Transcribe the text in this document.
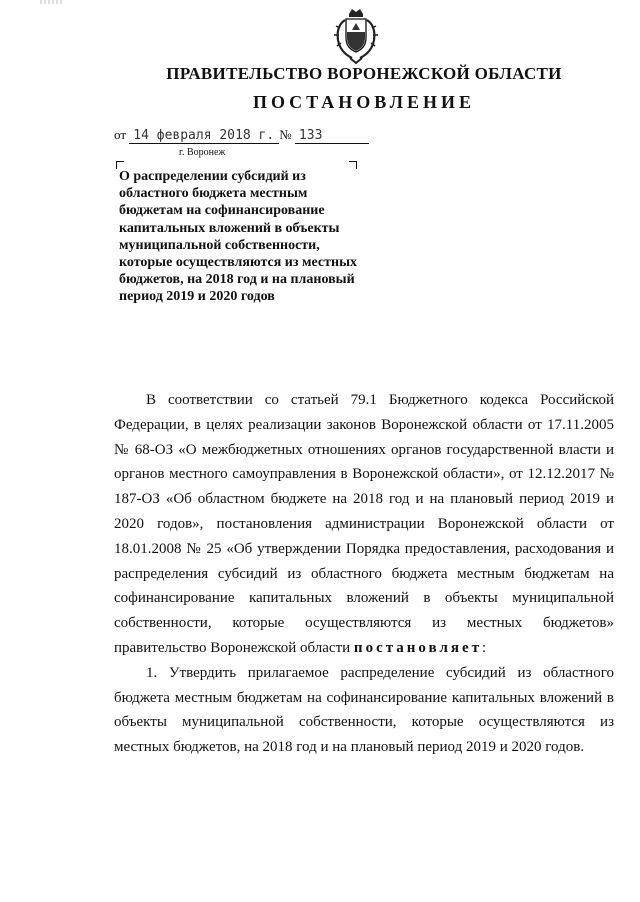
ПРАВИТЕЛЬСТВО ВОРОНЕЖСКОЙ ОБЛАСТИ
ПОСТАНОВЛЕНИЕ
от 14 февраля 2018 г. № 133
г. Воронеж
О распределении субсидий из областного бюджета местным бюджетам на софинансирование капитальных вложений в объекты муниципальной собственности, которые осуществляются из местных бюджетов, на 2018 год и на плановый период 2019 и 2020 годов

В соответствии со статьей 79.1 Бюджетного кодекса Российской Федерации, в целях реализации законов Воронежской области от 17.11.2005 № 68-ОЗ «О межбюджетных отношениях органов государственной власти и органов местного самоуправления в Воронежской области», от 12.12.2017 № 187-ОЗ «Об областном бюджете на 2018 год и на плановый период 2019 и 2020 годов», постановления администрации Воронежской области от 18.01.2008 № 25 «Об утверждении Порядка предоставления, расходования и распределения субсидий из областного бюджета местным бюджетам на софинансирование капитальных вложений в объекты муниципальной собственности, которые осуществляются из местных бюджетов» правительство Воронежской области постановляет:

1. Утвердить прилагаемое распределение субсидий из областного бюджета местным бюджетам на софинансирование капитальных вложений в объекты муниципальной собственности, которые осуществляются из местных бюджетов, на 2018 год и на плановый период 2019 и 2020 годов.
